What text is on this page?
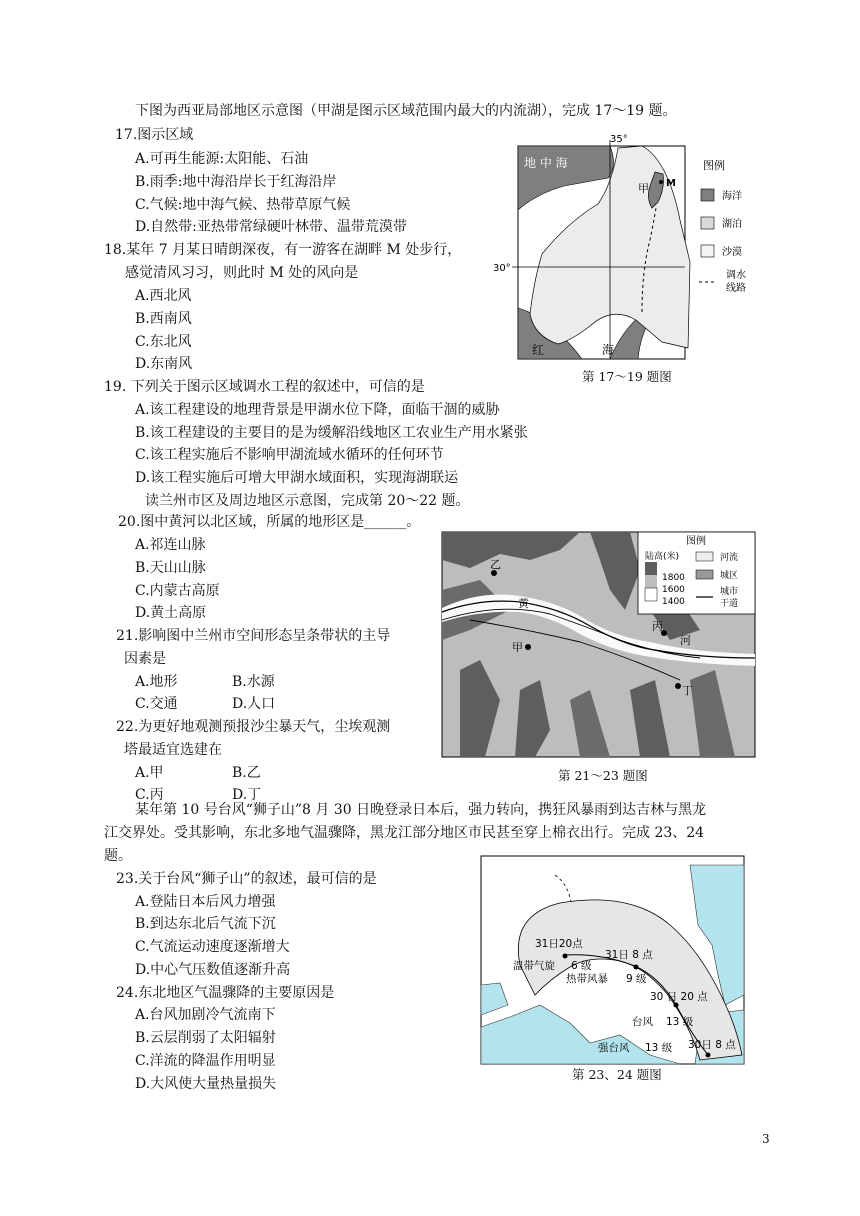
下图为西亚局部地区示意图（甲湖是图示区域范围内最大的内流湖），完成 17～19 题。
17.图示区域
A.可再生能源:太阳能、石油
B.雨季:地中海沿岸长于红海沿岸
C.气候:地中海气候、热带草原气候
D.自然带:亚热带常绿硬叶林带、温带荒漠带
18.某年 7 月某日晴朗深夜，有一游客在湖畔 M 处步行，
感觉清风习习，则此时 M 处的风向是
A.西北风
B.西南风
C.东北风
D.东南风
19. 下列关于图示区域调水工程的叙述中，可信的是
A.该工程建设的地理背景是甲湖水位下降，面临干涸的威胁
B.该工程建设的主要目的是为缓解沿线地区工农业生产用水紧张
C.该工程实施后不影响甲湖流域水循环的任何环节
D.该工程实施后可增大甲湖水域面积，实现海湖联运
35°
30°
地 中 海
红	海
甲 M
图例
海洋
湖泊
沙漠
调水
线路
第 17～19 题图
读兰州市区及周边地区示意图，完成第 20～22 题。
20.图中黄河以北区域，所属的地形区是______。
A.祁连山脉
B.天山山脉
C.内蒙古高原
D.黄土高原
21.影响图中兰州市空间形态呈条带状的主导
因素是
A.地形	B.水源
C.交通	D.人口
22.为更好地观测预报沙尘暴天气，尘埃观测
塔最适宜选建在
A.甲	B.乙
C.丙	D.丁
图例
陆高(米)
1800
1600
1400
河流
城区
城市
干道
乙
甲
丙
丁
黄
河
第 21～23 题图
某年第 10 号台风“狮子山”8 月 30 日晚登录日本后，强力转向，携狂风暴雨到达吉林与黑龙
江交界处。受其影响，东北多地气温骤降，黑龙江部分地区市民甚至穿上棉衣出行。完成 23、24
题。
23.关于台风“狮子山”的叙述，最可信的是
A.登陆日本后风力增强
B.到达东北后气流下沉
C.气流运动速度逐渐增大
D.中心气压数值逐渐升高
24.东北地区气温骤降的主要原因是
A.台风加剧冷气流南下
B.云层削弱了太阳辐射
C.洋流的降温作用明显
D.大风使大量热量损失
31日20点
31日 8 点
温带气旋 6 级
热带风暴 9 级
30 日 20 点
台风 13 级
强台风 13 级 30日 8 点
第 23、24 题图
3
